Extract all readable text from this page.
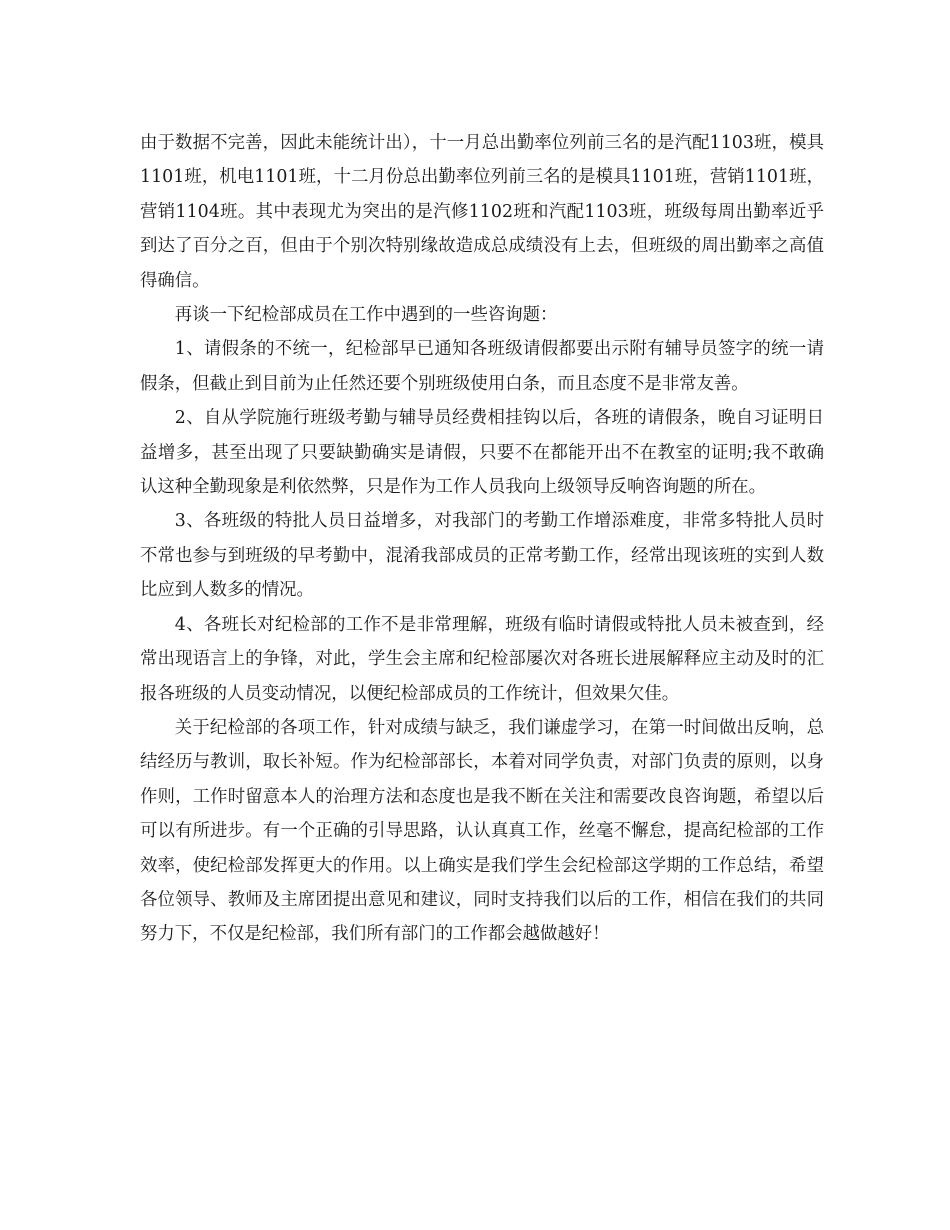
由于数据不完善，因此未能统计出），十一月总出勤率位列前三名的是汽配1103班，模具1101班，机电1101班，十二月份总出勤率位列前三名的是模具1101班，营销1101班，营销1104班。其中表现尤为突出的是汽修1102班和汽配1103班，班级每周出勤率近乎到达了百分之百，但由于个别次特别缘故造成总成绩没有上去，但班级的周出勤率之高值得确信。

再谈一下纪检部成员在工作中遇到的一些咨询题：

1、请假条的不统一，纪检部早已通知各班级请假都要出示附有辅导员签字的统一请假条，但截止到目前为止任然还要个别班级使用白条，而且态度不是非常友善。

2、自从学院施行班级考勤与辅导员经费相挂钩以后，各班的请假条，晚自习证明日益增多，甚至出现了只要缺勤确实是请假，只要不在都能开出不在教室的证明;我不敢确认这种全勤现象是利依然弊，只是作为工作人员我向上级领导反响咨询题的所在。

3、各班级的特批人员日益增多，对我部门的考勤工作增添难度，非常多特批人员时不常也参与到班级的早考勤中，混淆我部成员的正常考勤工作，经常出现该班的实到人数比应到人数多的情况。

4、各班长对纪检部的工作不是非常理解，班级有临时请假或特批人员未被查到，经常出现语言上的争锋，对此，学生会主席和纪检部屡次对各班长进展解释应主动及时的汇报各班级的人员变动情况，以便纪检部成员的工作统计，但效果欠佳。

关于纪检部的各项工作，针对成绩与缺乏，我们谦虚学习，在第一时间做出反响，总结经历与教训，取长补短。作为纪检部部长，本着对同学负责，对部门负责的原则，以身作则，工作时留意本人的治理方法和态度也是我不断在关注和需要改良咨询题，希望以后可以有所进步。有一个正确的引导思路，认认真真工作，丝毫不懈怠，提高纪检部的工作效率，使纪检部发挥更大的作用。以上确实是我们学生会纪检部这学期的工作总结，希望各位领导、教师及主席团提出意见和建议，同时支持我们以后的工作，相信在我们的共同努力下，不仅是纪检部，我们所有部门的工作都会越做越好！
